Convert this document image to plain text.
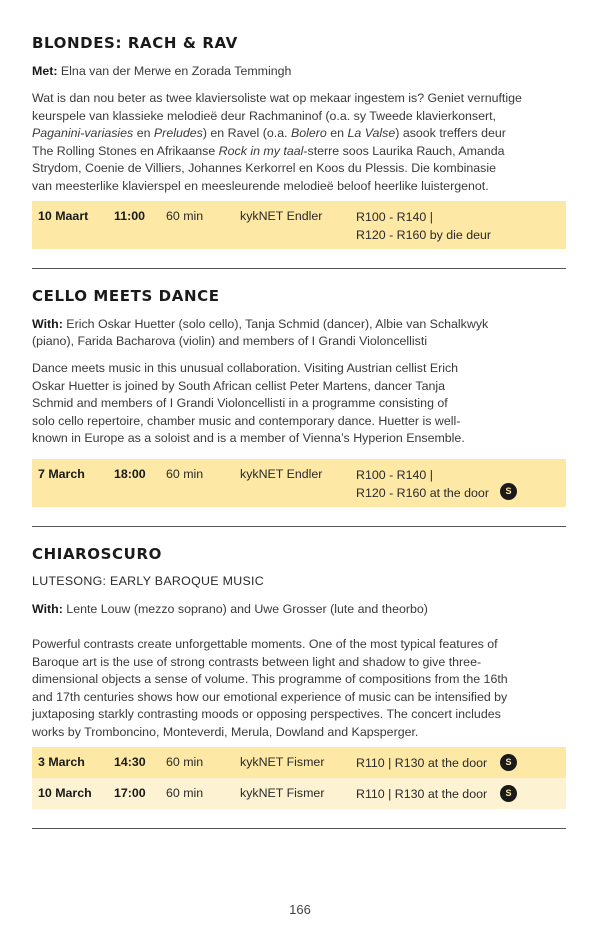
BLONDES: RACH & RAV
Met: Elna van der Merwe en Zorada Temmingh
Wat is dan nou beter as twee klaviersoliste wat op mekaar ingestem is? Geniet vernuftige
keurspele van klassieke melodieë deur Rachmaninof (o.a. sy Tweede klavierkonsert,
Paganini-variasies en Preludes) en Ravel (o.a. Bolero en La Valse) asook treffers deur
The Rolling Stones en Afrikaanse Rock in my taal-sterre soos Laurika Rauch, Amanda
Strydom, Coenie de Villiers, Johannes Kerkorrel en Koos du Plessis. Die kombinasie
van meesterlike klavierspel en meesleurende melodieë beloof heerlike luistergenot.
10 Maart 11:00 60 min	kykNET Endler	R100 - R140 |
R120 - R160 by die deur
CELLO MEETS DANCE
With: Erich Oskar Huetter (solo cello), Tanja Schmid (dancer), Albie van Schalkwyk
(piano), Farida Bacharova (violin) and members of I Grandi Violoncellisti
Dance meets music in this unusual collaboration. Visiting Austrian cellist Erich
Oskar Huetter is joined by South African cellist Peter Martens, dancer Tanja
Schmid and members of I Grandi Violoncellisti in a programme consisting of
solo cello repertoire, chamber music and contemporary dance. Huetter is well-
known in Europe as a soloist and is a member of Vienna’s Hyperion Ensemble.
7 March 18:00 60 min	kykNET Endler	R100 - R140 |
R120 - R160 at the door	S
CHIAROSCURO
LUTESONG: EARLY BAROQUE MUSIC
With: Lente Louw (mezzo soprano) and Uwe Grosser (lute and theorbo)
Powerful contrasts create unforgettable moments. One of the most typical features of
Baroque art is the use of strong contrasts between light and shadow to give three-
dimensional objects a sense of volume. This programme of compositions from the 16th
and 17th centuries shows how our emotional experience of music can be intensified by
juxtaposing starkly contrasting moods or opposing perspectives. The concert includes
works by Trombоncino, Monteverdi, Merula, Dowland and Kapsperger.
3 March 14:30 60 min	kykNET Fismer	R110 | R130 at the door	S
10 March 17:00 60 min	kykNET Fismer	R110 | R130 at the door	S
166
